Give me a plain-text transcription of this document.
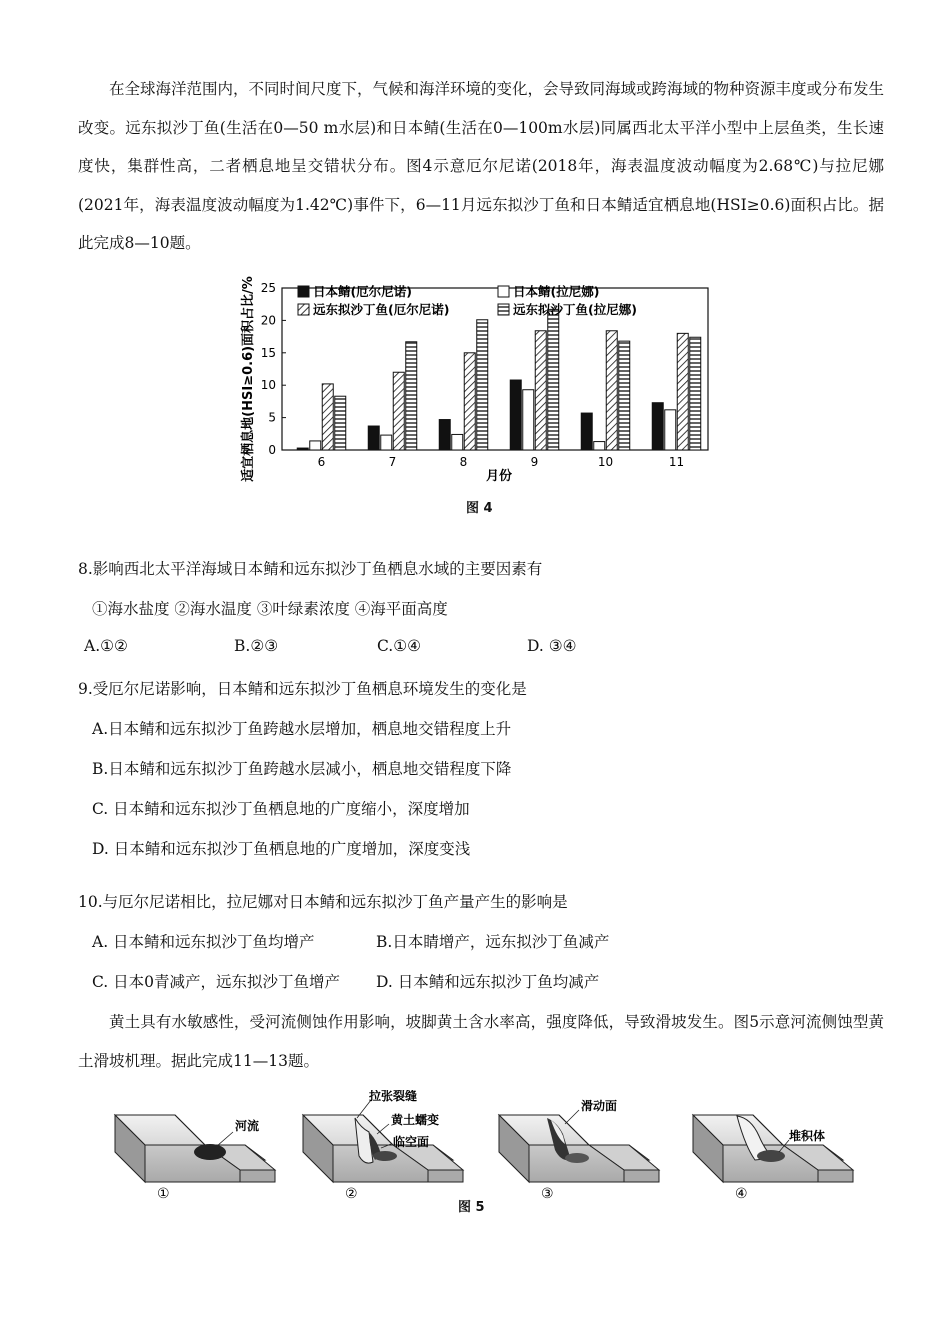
在全球海洋范围内，不同时间尺度下，气候和海洋环境的变化，会导致同海域或跨海域的物种资源丰度或分布发生改变。远东拟沙丁鱼(生活在0—50 m水层)和日本鲭(生活在0—100m水层)同属西北太平洋小型中上层鱼类，生长速度快，集群性高，二者栖息地呈交错状分布。图4示意厄尔尼诺(2018年，海表温度波动幅度为2.68℃)与拉尼娜(2021年，海表温度波动幅度为1.42℃)事件下，6—11月远东拟沙丁鱼和日本鲭适宜栖息地(HSI≥0.6)面积占比。据此完成8—10题。
0
5
10
15
20
25
适宜栖息地(HSI≥0.6)面积占比/%	月份
6	7	8	9	10	11
日本鲭(厄尔尼诺)	日本鲭(拉尼娜)
远东拟沙丁鱼(厄尔尼诺)	远东拟沙丁鱼(拉尼娜)
图 4
8.影响西北太平洋海域日本鲭和远东拟沙丁鱼栖息水域的主要因素有
①海水盐度 ②海水温度 ③叶绿素浓度 ④海平面高度
A.①②	B.②③	C.①④	D. ③④
9.受厄尔尼诺影响，日本鲭和远东拟沙丁鱼栖息环境发生的变化是
A.日本鲭和远东拟沙丁鱼跨越水层增加，栖息地交错程度上升
B.日本鲭和远东拟沙丁鱼跨越水层减小，栖息地交错程度下降
C. 日本鲭和远东拟沙丁鱼栖息地的广度缩小，深度增加
D. 日本鲭和远东拟沙丁鱼栖息地的广度增加，深度变浅
10.与厄尔尼诺相比，拉尼娜对日本鲭和远东拟沙丁鱼产量产生的影响是
A. 日本鲭和远东拟沙丁鱼均增产	B.日本睛增产，远东拟沙丁鱼减产
C. 日本0青减产，远东拟沙丁鱼增产 D. 日本鲭和远东拟沙丁鱼均减产
黄土具有水敏感性，受河流侧蚀作用影响，坡脚黄土含水率高，强度降低，导致滑坡发生。图5示意河流侧蚀型黄土滑坡机理。据此完成11—13题。
河流
①
拉张裂缝
黄土蠕变
临空面
②
滑动面
③
堆积体
④
图 5
